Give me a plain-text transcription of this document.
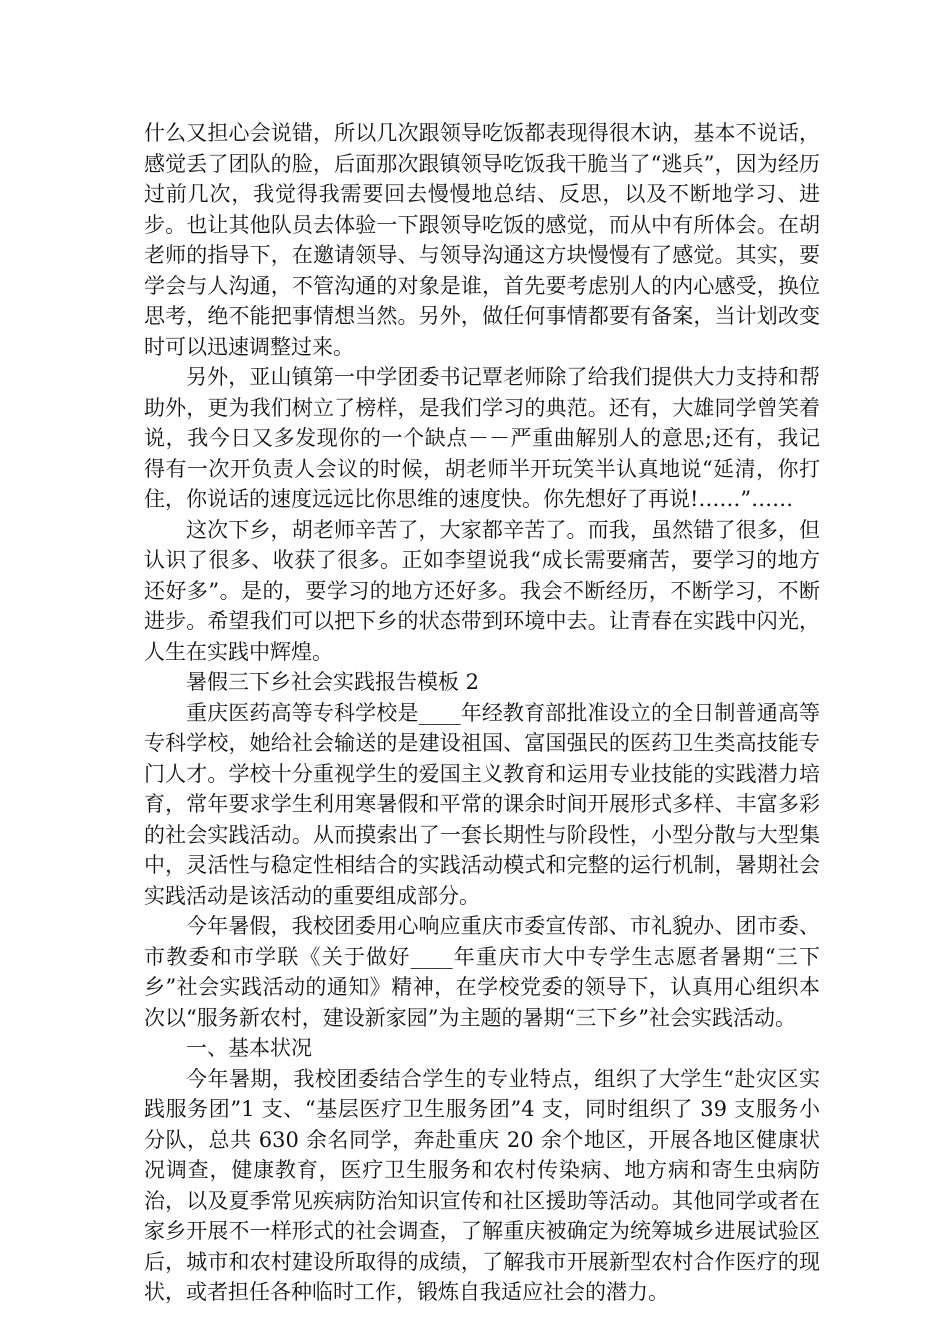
什么又担心会说错，所以几次跟领导吃饭都表现得很木讷，基本不说话，感觉丢了团队的脸，后面那次跟镇领导吃饭我干脆当了“逃兵”，因为经历过前几次，我觉得我需要回去慢慢地总结、反思，以及不断地学习、进步。也让其他队员去体验一下跟领导吃饭的感觉，而从中有所体会。在胡老师的指导下，在邀请领导、与领导沟通这方块慢慢有了感觉。其实，要学会与人沟通，不管沟通的对象是谁，首先要考虑别人的内心感受，换位思考，绝不能把事情想当然。另外，做任何事情都要有备案，当计划改变时可以迅速调整过来。

另外，亚山镇第一中学团委书记覃老师除了给我们提供大力支持和帮助外，更为我们树立了榜样，是我们学习的典范。还有，大雄同学曾笑着说，我今日又多发现你的一个缺点－－严重曲解别人的意思;还有，我记得有一次开负责人会议的时候，胡老师半开玩笑半认真地说“延清，你打住，你说话的速度远远比你思维的速度快。你先想好了再说!……”……

这次下乡，胡老师辛苦了，大家都辛苦了。而我，虽然错了很多，但认识了很多、收获了很多。正如李望说我“成长需要痛苦，要学习的地方还好多”。是的，要学习的地方还好多。我会不断经历，不断学习，不断进步。希望我们可以把下乡的状态带到环境中去。让青春在实践中闪光，人生在实践中辉煌。

暑假三下乡社会实践报告模板 2

重庆医药高等专科学校是____年经教育部批准设立的全日制普通高等专科学校，她给社会输送的是建设祖国、富国强民的医药卫生类高技能专门人才。学校十分重视学生的爱国主义教育和运用专业技能的实践潜力培育，常年要求学生利用寒暑假和平常的课余时间开展形式多样、丰富多彩的社会实践活动。从而摸索出了一套长期性与阶段性，小型分散与大型集中，灵活性与稳定性相结合的实践活动模式和完整的运行机制，暑期社会实践活动是该活动的重要组成部分。

今年暑假，我校团委用心响应重庆市委宣传部、市礼貌办、团市委、市教委和市学联《关于做好____年重庆市大中专学生志愿者暑期“三下乡”社会实践活动的通知》精神，在学校党委的领导下，认真用心组织本次以“服务新农村，建设新家园”为主题的暑期“三下乡”社会实践活动。

一、基本状况

今年暑期，我校团委结合学生的专业特点，组织了大学生“赴灾区实践服务团”1 支、“基层医疗卫生服务团”4 支，同时组织了 39 支服务小分队，总共 630 余名同学，奔赴重庆 20 余个地区，开展各地区健康状况调查，健康教育，医疗卫生服务和农村传染病、地方病和寄生虫病防治，以及夏季常见疾病防治知识宣传和社区援助等活动。其他同学或者在家乡开展不一样形式的社会调查，了解重庆被确定为统筹城乡进展试验区后，城市和农村建设所取得的成绩，了解我市开展新型农村合作医疗的现状，或者担任各种临时工作，锻炼自我适应社会的潜力。
